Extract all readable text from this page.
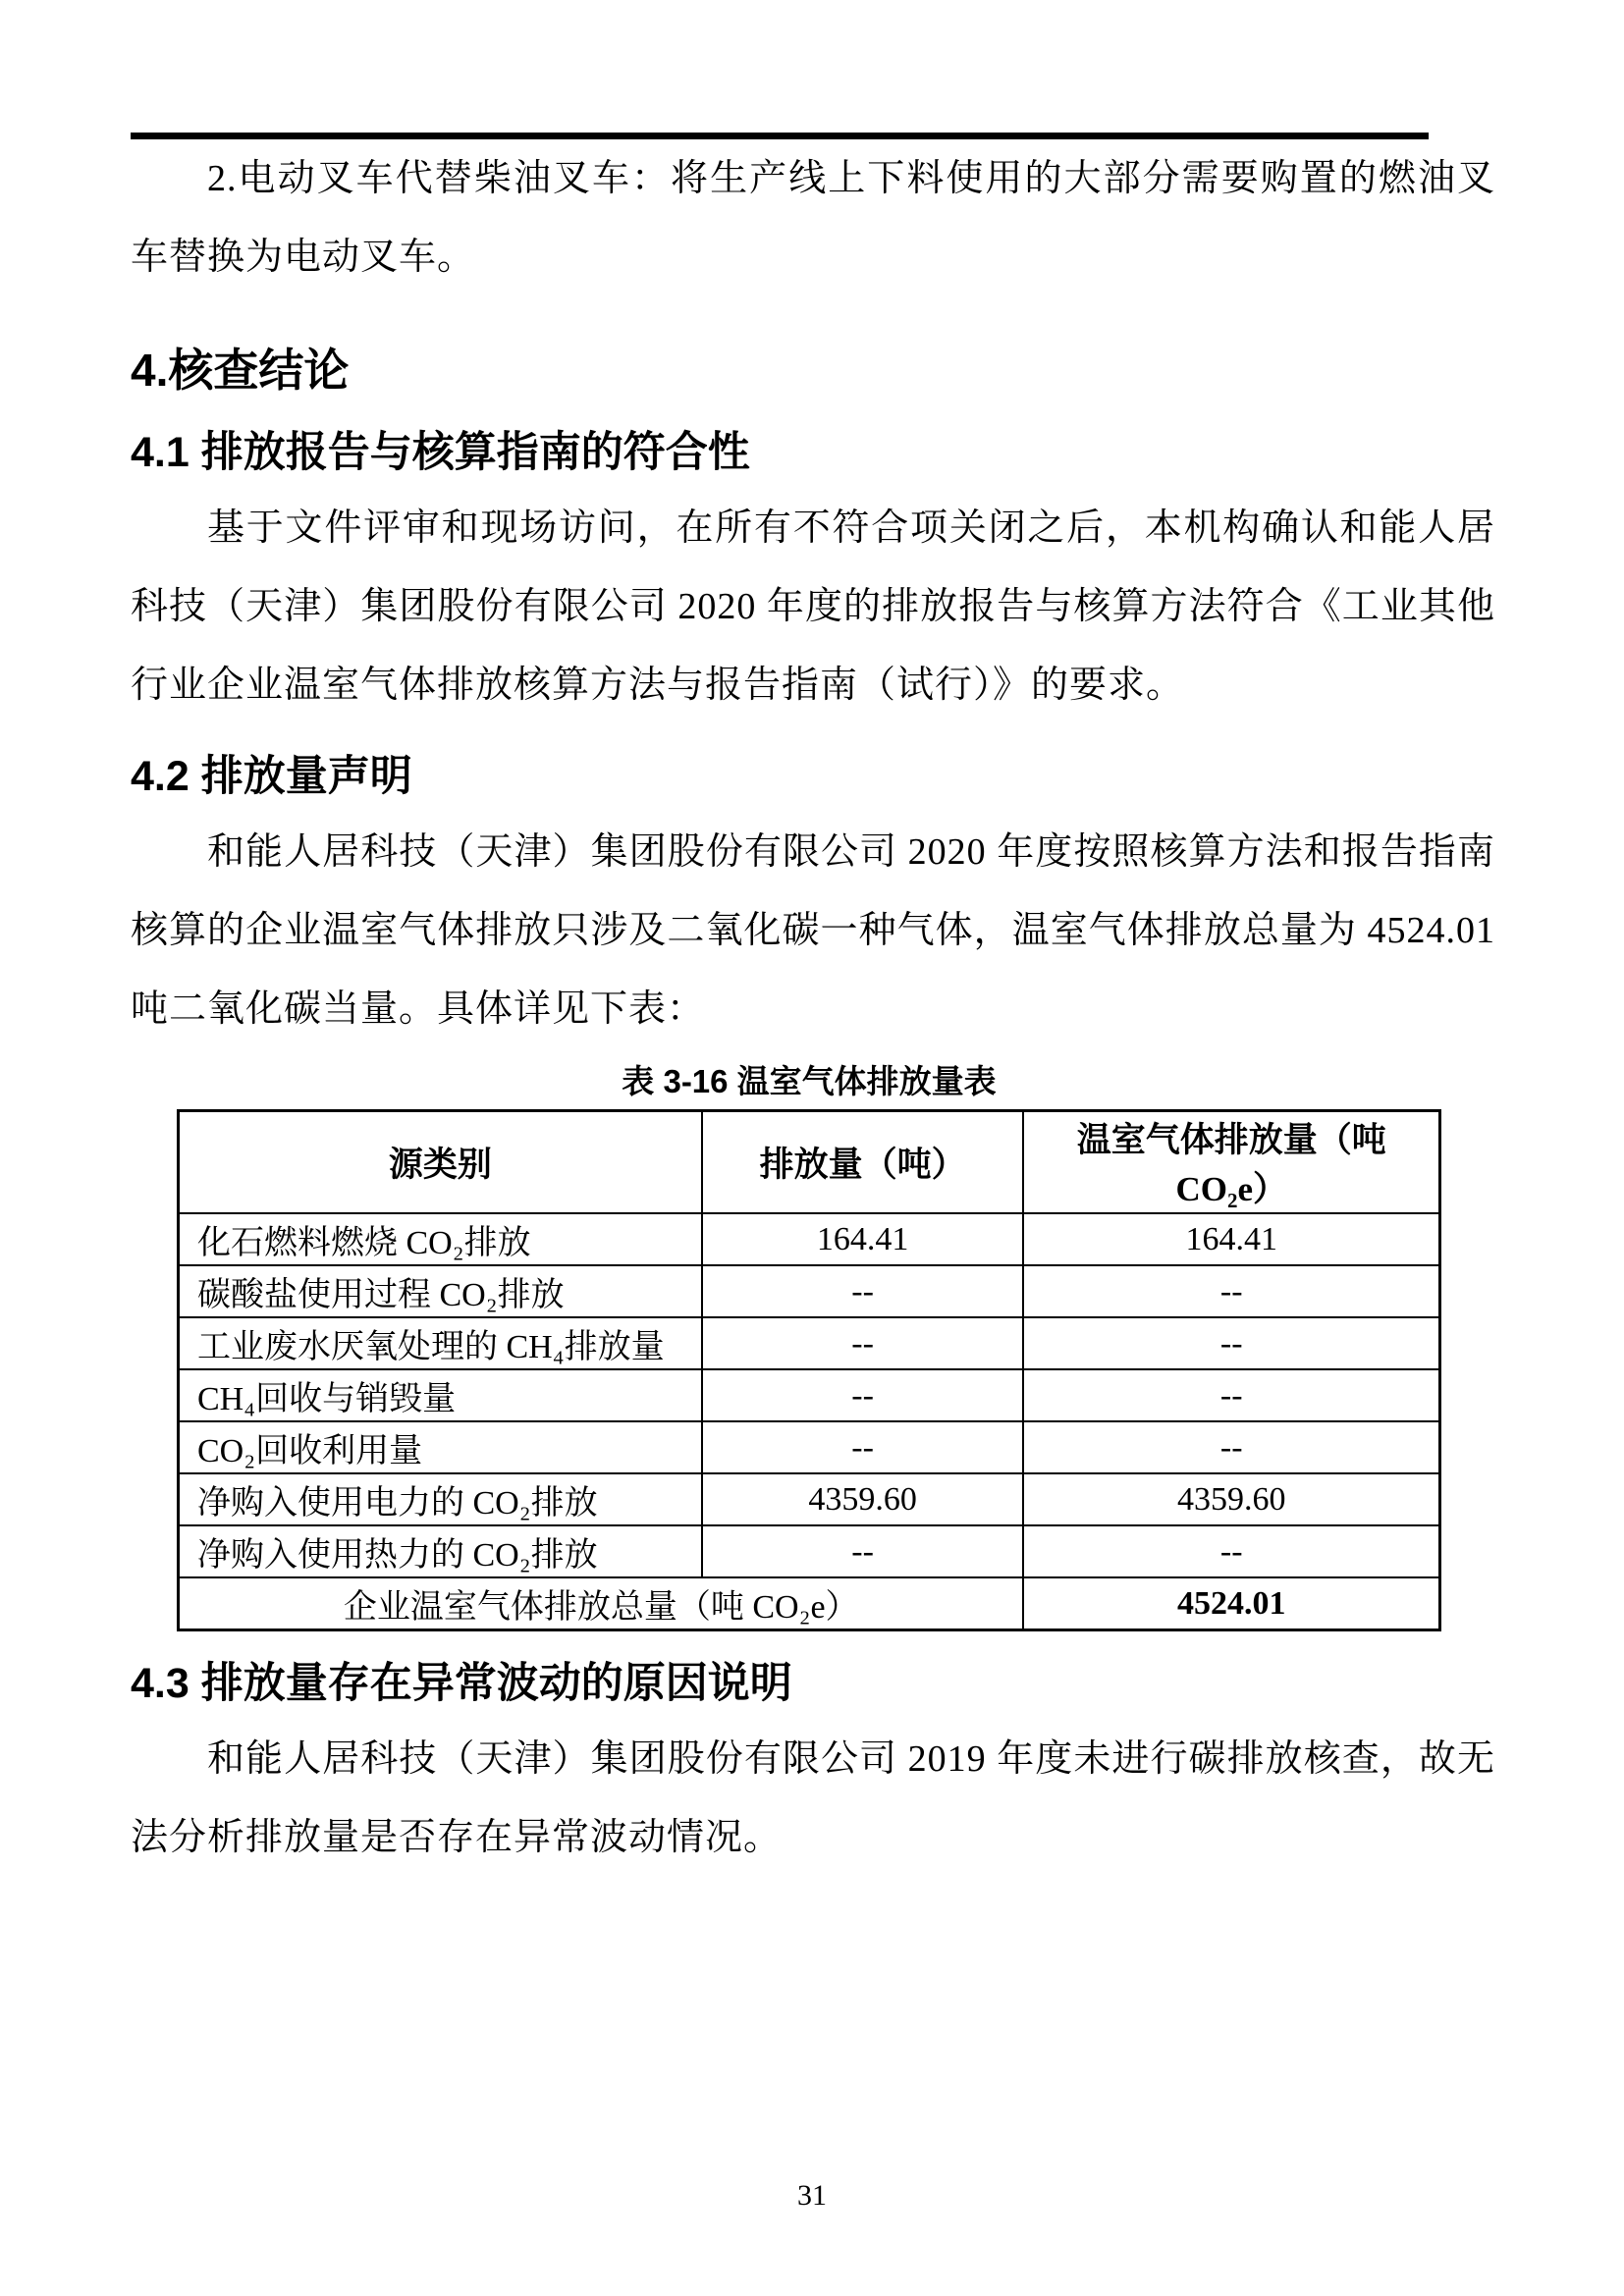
2.电动叉车代替柴油叉车：将生产线上下料使用的大部分需要购置的燃油叉车替换为电动叉车。

4.核查结论
4.1 排放报告与核算指南的符合性

基于文件评审和现场访问，在所有不符合项关闭之后，本机构确认和能人居科技（天津）集团股份有限公司 2020 年度的排放报告与核算方法符合《工业其他行业企业温室气体排放核算方法与报告指南（试行）》的要求。

4.2 排放量声明

和能人居科技（天津）集团股份有限公司 2020 年度按照核算方法和报告指南核算的企业温室气体排放只涉及二氧化碳一种气体，温室气体排放总量为 4524.01 吨二氧化碳当量。具体详见下表：

表 3-16 温室气体排放量表
源类别	排放量（吨）	温室气体排放量（吨 CO₂e）
化石燃料燃烧 CO₂排放	164.41	164.41
碳酸盐使用过程 CO₂排放	--	--
工业废水厌氧处理的 CH₄排放量	--	--
CH₄回收与销毁量	--	--
CO₂回收利用量	--	--
净购入使用电力的 CO₂排放	4359.60	4359.60
净购入使用热力的 CO₂排放	--	--
企业温室气体排放总量（吨 CO₂e）		4524.01
4.3 排放量存在异常波动的原因说明

和能人居科技（天津）集团股份有限公司 2019 年度未进行碳排放核查，故无法分析排放量是否存在异常波动情况。

31
